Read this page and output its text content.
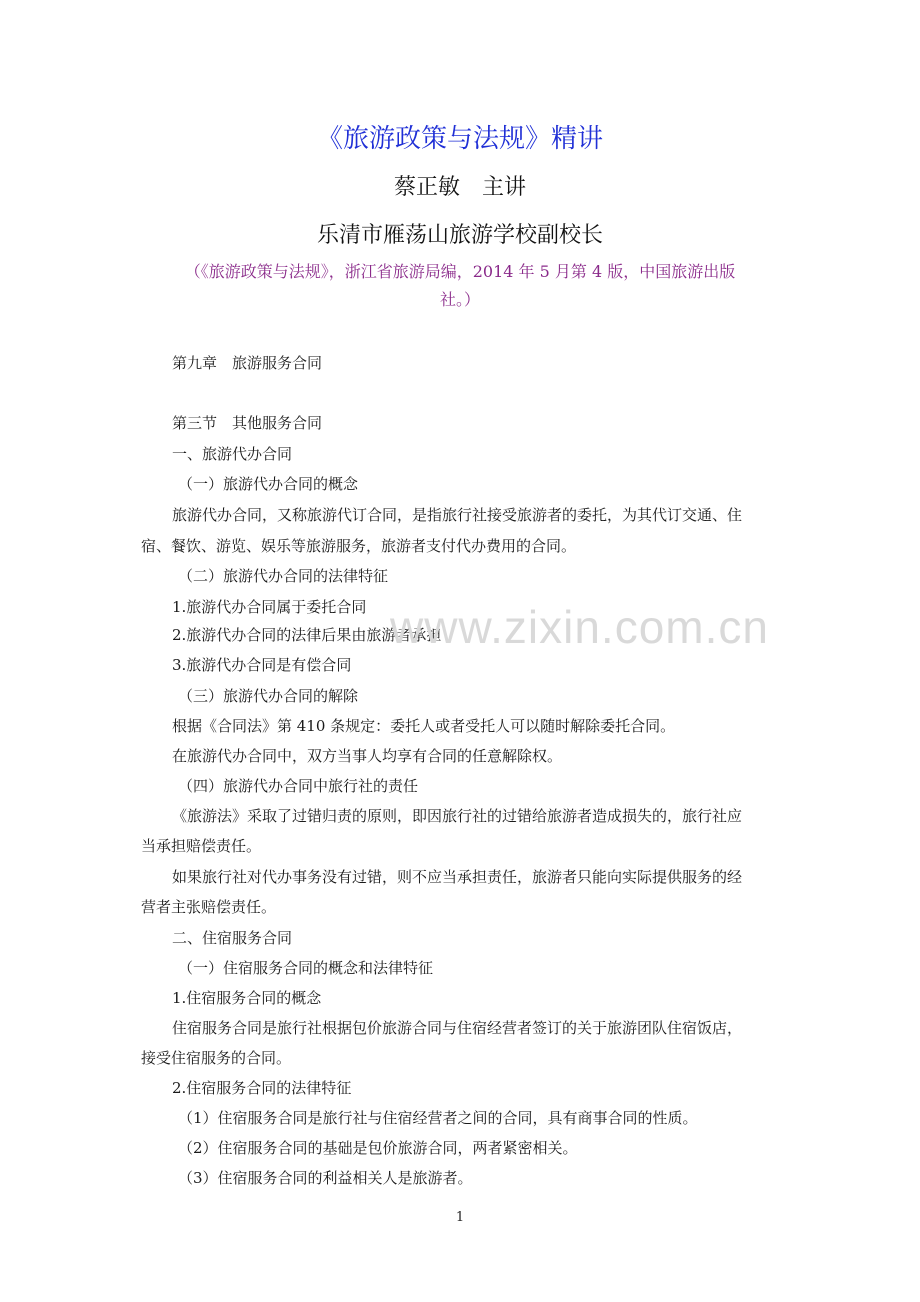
《旅游政策与法规》精讲
蔡正敏　主讲
乐清市雁荡山旅游学校副校长
（《旅游政策与法规》，浙江省旅游局编，2014 年 5 月第 4 版，中国旅游出版
社。）
第九章　旅游服务合同
第三节　其他服务合同
一、旅游代办合同
（一）旅游代办合同的概念
旅游代办合同，又称旅游代订合同，是指旅行社接受旅游者的委托，为其代订交通、住
宿、餐饮、游览、娱乐等旅游服务，旅游者支付代办费用的合同。
（二）旅游代办合同的法律特征
1.旅游代办合同属于委托合同
2.旅游代办合同的法律后果由旅游者承担
3.旅游代办合同是有偿合同
（三）旅游代办合同的解除
根据《合同法》第 410 条规定：委托人或者受托人可以随时解除委托合同。
在旅游代办合同中，双方当事人均享有合同的任意解除权。
（四）旅游代办合同中旅行社的责任
《旅游法》采取了过错归责的原则，即因旅行社的过错给旅游者造成损失的，旅行社应
当承担赔偿责任。
如果旅行社对代办事务没有过错，则不应当承担责任，旅游者只能向实际提供服务的经
营者主张赔偿责任。
二、住宿服务合同
（一）住宿服务合同的概念和法律特征
1.住宿服务合同的概念
住宿服务合同是旅行社根据包价旅游合同与住宿经营者签订的关于旅游团队住宿饭店，
接受住宿服务的合同。
2.住宿服务合同的法律特征
（1）住宿服务合同是旅行社与住宿经营者之间的合同，具有商事合同的性质。
（2）住宿服务合同的基础是包价旅游合同，两者紧密相关。
（3）住宿服务合同的利益相关人是旅游者。
www.zixin.com.cn
1
